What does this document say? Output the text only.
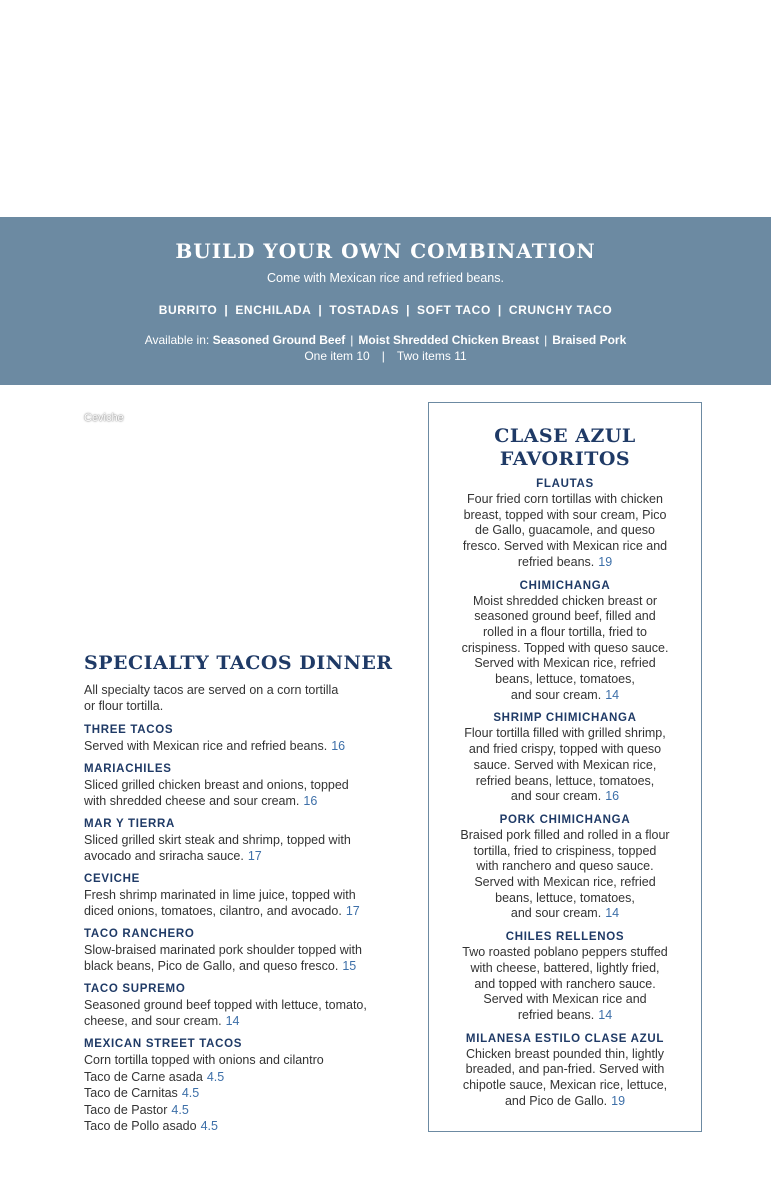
BUILD YOUR OWN COMBINATION
Come with Mexican rice and refried beans.
BURRITO | ENCHILADA | TOSTADAS | SOFT TACO | CRUNCHY TACO
Available in: Seasoned Ground Beef | Moist Shredded Chicken Breast | Braised Pork
One item 10 | Two items 11
Ceviche
SPECIALTY TACOS DINNER
All specialty tacos are served on a corn tortilla
or flour tortilla.
THREE TACOS
Served with Mexican rice and refried beans. 16
MARIACHILES
Sliced grilled chicken breast and onions, topped
with shredded cheese and sour cream. 16
MAR Y TIERRA
Sliced grilled skirt steak and shrimp, topped with
avocado and sriracha sauce. 17
CEVICHE
Fresh shrimp marinated in lime juice, topped with
diced onions, tomatoes, cilantro, and avocado. 17
TACO RANCHERO
Slow-braised marinated pork shoulder topped with
black beans, Pico de Gallo, and queso fresco. 15
TACO SUPREMO
Seasoned ground beef topped with lettuce, tomato,
cheese, and sour cream. 14
MEXICAN STREET TACOS
Corn tortilla topped with onions and cilantro
Taco de Carne asada 4.5
Taco de Carnitas 4.5
Taco de Pastor 4.5
Taco de Pollo asado 4.5
CLASE AZUL
FAVORITOS
FLAUTAS
Four fried corn tortillas with chicken
breast, topped with sour cream, Pico
de Gallo, guacamole, and queso
fresco. Served with Mexican rice and
refried beans. 19
CHIMICHANGA
Moist shredded chicken breast or
seasoned ground beef, filled and
rolled in a flour tortilla, fried to
crispiness. Topped with queso sauce.
Served with Mexican rice, refried
beans, lettuce, tomatoes,
and sour cream. 14
SHRIMP CHIMICHANGA
Flour tortilla filled with grilled shrimp,
and fried crispy, topped with queso
sauce. Served with Mexican rice,
refried beans, lettuce, tomatoes,
and sour cream. 16
PORK CHIMICHANGA
Braised pork filled and rolled in a flour
tortilla, fried to crispiness, topped
with ranchero and queso sauce.
Served with Mexican rice, refried
beans, lettuce, tomatoes,
and sour cream. 14
CHILES RELLENOS
Two roasted poblano peppers stuffed
with cheese, battered, lightly fried,
and topped with ranchero sauce.
Served with Mexican rice and
refried beans. 14
MILANESA ESTILO CLASE AZUL
Chicken breast pounded thin, lightly
breaded, and pan-fried. Served with
chipotle sauce, Mexican rice, lettuce,
and Pico de Gallo. 19
